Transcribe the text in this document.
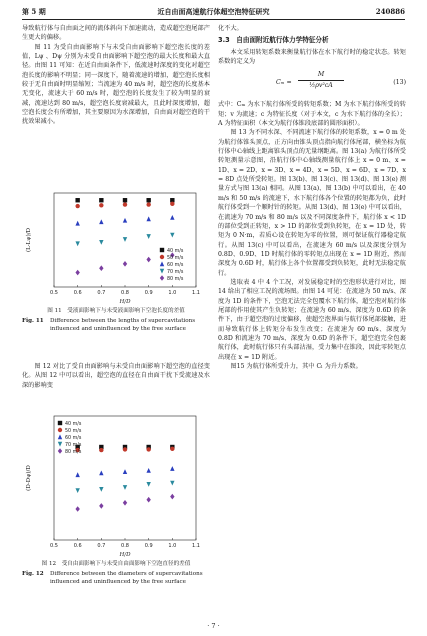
第 5 期	近自由面高速航行体超空泡特征研究	240886

导致航行体与自由面之间的流体斜向下加速流动，造成超空泡尾部产生更大的偏移。

图 11 为受自由面影响下与未受自由面影响下超空泡长度的差值，Lψ 、Dψ 分别为未受自由面影响下超空泡的最大长度和最大直径。由图 11 可知：在近自由面条件下，低流速时深度的变化对超空泡长度的影响不明显；同一深度下，随着流速的增加，超空泡长度相较于无自由面时明显缩短；当流速为 40 m/s 时，超空泡的长度基本无变化，流速大于 60 m/s 时，超空泡的长度发生了较为明显的衰减，流速达到 80 m/s，超空泡长度衰减最大，且此时深度增加，超空泡长度会有所增加，其主要原因为水深增加，自由面对超空泡的干扰效果减小。

0.5	0.6	0.7	0.8	0.9	1.0	1.1
H/D
(L-Lψ)/D	40 m/s
50 m/s
60 m/s
70 m/s
80 m/s
图 11　受液面影响下与未受液面影响下空泡长度的差值
Fig. 11	Difference between the lengths of supercavitations influenced and uninfluenced by the free surface

图 12 对比了受自由面影响与未受自由面影响下超空泡的直径变化。从图 12 中可以看出，超空泡的直径在自由面干扰下受流速及水深的影响变

0.5	0.6	0.7	0.8	0.9	1.0	1.1
H/D
(D-Dψ)/D
40 m/s
50 m/s
60 m/s
70 m/s
80 m/s
图 12　受自由面影响下与未受自由面影响下空泡直径的差值
Fig. 12	Difference between the diameters of supercavitations influenced and uninfluenced by the free surface

化不大。

3.3　自由面附近航行体力学特征分析

本文采用转矩系数来衡量航行体在水下航行时的稳定状态。转矩系数的定义为

$C_m = \frac{M}{\text{½ρv²cA}}$	(13)

式中：Cₘ 为水下航行体所受的转矩系数；M 为水下航行体所受的转矩；v 为流速；c 为特征长度（对于本文，c 为水下航行体的全长）；A 为特征面积（本文为航行体锥段底部的圆形面积）。

图 13 为不同水深、不同流速下航行体的转矩系数，x = 0 m 处为航行体锥头顶点，正方向由锥头顶点指向航行体尾部，横坐标为航行体中心轴线上距离锥头顶点的无量纲距离。图 13(a) 为航行体所受转矩测量示意图，沿航行体中心轴线测量航行体上 x = 0 m、x = 1D、x = 2D、x = 3D、x = 4D、x = 5D、x = 6D、x = 7D、x = 8D 点处所受转矩。图 13(b)、图 13(c)、图 13(d)、图 13(e) 测量方式与图 13(a) 相同。从图 13(a)、图 13(b) 中可以看出，在 40 m/s 和 50 m/s 的流速下，水下航行体各个位置的转矩都为负，此时航行体受到一个顺时针的转矩。从图 13(d)、图 13(e) 中可以看出，在流速为 70 m/s 和 80 m/s 以及不同深度条件下，航行体 x < 1D 的部位受到正转矩，x > 1D 的部位受到负转矩，在 x = 1D 处，转矩为 0 N·m，若质心设在转矩为零的位置，则可保证航行器稳定航行。从图 13(c) 中可以看出，在流速为 60 m/s 以及深度分别为 0.8D、0.9D、1D 时航行体的零转矩点出现在 x = 1D 附近，然而深度为 0.6D 时，航行体上各个位置都受到负转矩，此时无法稳定航行。

选取表 4 中 4 个工况，对发展稳定时的空泡形状进行对比，图 14 给出了相应工况的流场图。由图 14 可见：在流速为 50 m/s、深度为 1D 的条件下，空泡无法完全包覆水下航行体，超空泡对航行体尾部的作用使其产生负转矩；在流速为 60 m/s、深度为 0.6D 的条件下，由于超空泡的过度偏移，使超空泡界面与航行体尾部接触，进而导致航行体上转矩分布发生改变；在流速为 60 m/s、深度为 0.8D 和流速为 70 m/s、深度为 0.6D 的条件下，超空泡完全包裹航行体，此时航行体只有头部沾湿，受力集中在锥段，因此零转矩点出现在 x = 1D 附近。

图15 为航行体所受升力，其中 Cₗ 为升力系数。

· 7 ·
